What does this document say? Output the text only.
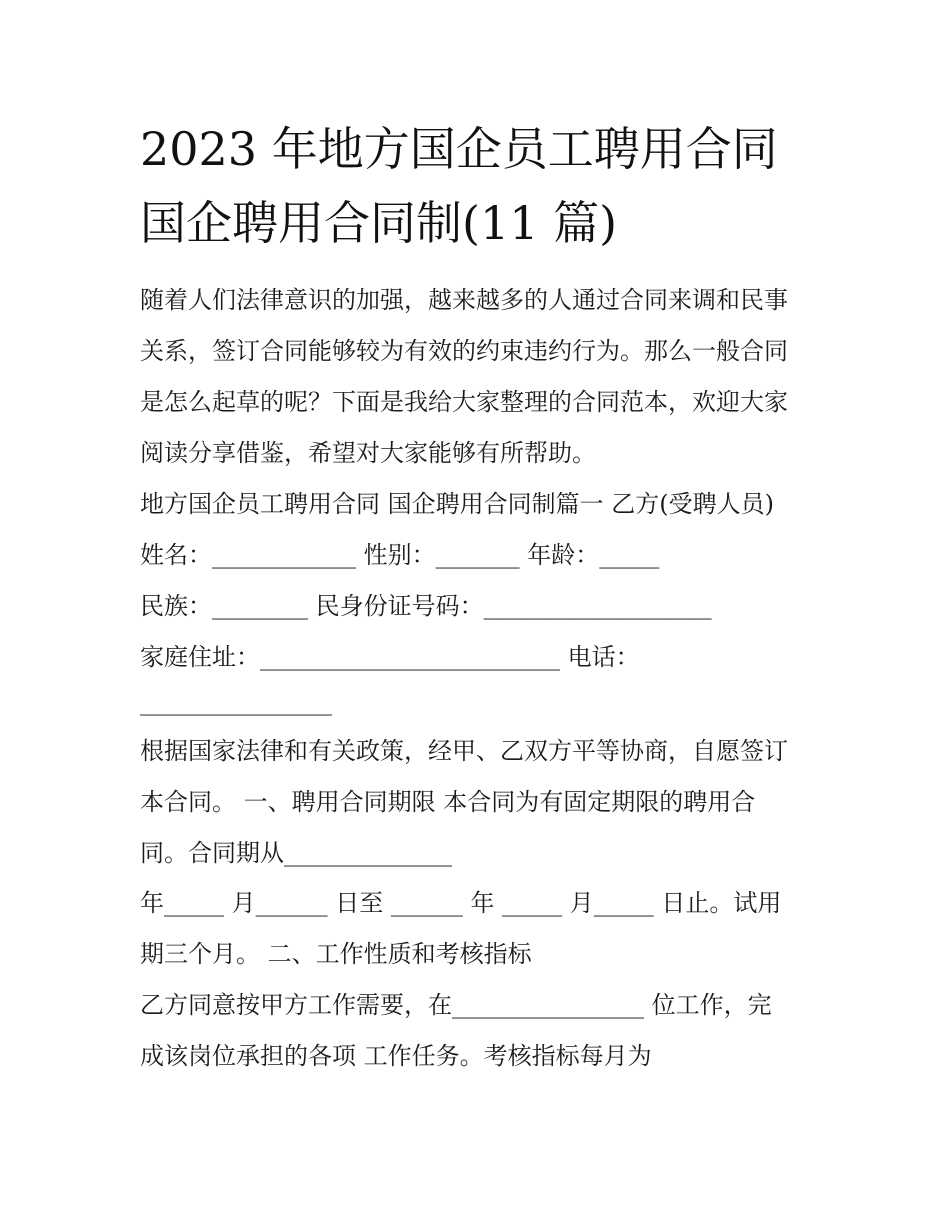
2023 年地方国企员工聘用合同
国企聘用合同制(11 篇)
随着人们法律意识的加强，越来越多的人通过合同来调和民事
关系，签订合同能够较为有效的约束违约行为。那么一般合同
是怎么起草的呢？下面是我给大家整理的合同范本，欢迎大家
阅读分享借鉴，希望对大家能够有所帮助。
地方国企员工聘用合同 国企聘用合同制篇一 乙方(受聘人员)
姓名：____________ 性别：_______ 年龄：_____
民族：________ 民身份证号码：___________________
家庭住址：_________________________ 电话：
________________
根据国家法律和有关政策，经甲、乙双方平等协商，自愿签订
本合同。 一、聘用合同期限 本合同为有固定期限的聘用合
同。合同期从______________
年_____ 月______ 日至 ______ 年 _____ 月_____ 日止。试用
期三个月。 二、工作性质和考核指标
乙方同意按甲方工作需要，在________________ 位工作，完
成该岗位承担的各项 工作任务。考核指标每月为
